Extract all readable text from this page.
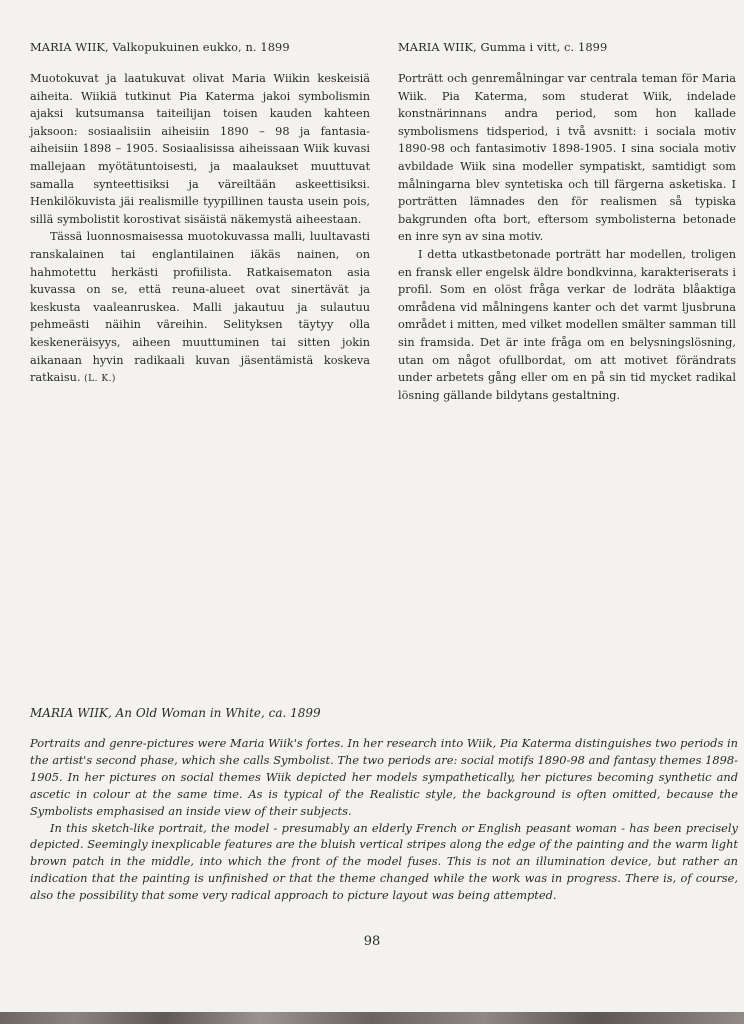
MARIA WIIK, Valkopukuinen eukko, n. 1899

Muotokuvat ja laatukuvat olivat Maria Wiikin keskeisiä aiheita. Wiikiä tutkinut Pia Katerma jakoi symbolismin ajaksi kutsumansa taiteilijan toisen kauden kahteen jaksoon: sosiaalisiin aiheisiin 1890 – 98 ja fantasia-aiheisiin 1898 – 1905. Sosiaalisissa aiheissaan Wiik kuvasi mallejaan myötätuntoisesti, ja maalaukset muuttuvat samalla synteettisiksi ja väreiltään askeettisiksi. Henkilökuvista jäi realismille tyypillinen tausta usein pois, sillä symbolistit korostivat sisäistä näkemystä aiheestaan.

Tässä luonnosmaisessa muotokuvassa malli, luultavasti ranskalainen tai englantilainen iäkäs nainen, on hahmotettu herkästi profiilista. Ratkaisematon asia kuvassa on se, että reuna-alueet ovat sinertävät ja keskusta vaaleanruskea. Malli jakautuu ja sulautuu pehmeästi näihin väreihin. Selityksen täytyy olla keskeneräisyys, aiheen muuttuminen tai sitten jokin aikanaan hyvin radikaali kuvan jäsentämistä koskeva ratkaisu. (L. K.)

MARIA WIIK, Gumma i vitt, c. 1899

Porträtt och genremålningar var centrala teman för Maria Wiik. Pia Katerma, som studerat Wiik, indelade konstnärinnans andra period, som hon kallade symbolismens tidsperiod, i två avsnitt: i sociala motiv 1890-98 och fantasimotiv 1898-1905. I sina sociala motiv avbildade Wiik sina modeller sympatiskt, samtidigt som målningarna blev syntetiska och till färgerna asketiska. I porträtten lämnades den för realismen så typiska bakgrunden ofta bort, eftersom symbolisterna betonade en inre syn av sina motiv.

I detta utkastbetonade porträtt har modellen, troligen en fransk eller engelsk äldre bondkvinna, karakteriserats i profil. Som en olöst fråga verkar de lodräta blåaktiga områdena vid målningens kanter och det varmt ljusbruna området i mitten, med vilket modellen smälter samman till sin framsida. Det är inte fråga om en belysningslösning, utan om något ofullbordat, om att motivet förändrats under arbetets gång eller om en på sin tid mycket radikal lösning gällande bildytans gestaltning.

MARIA WIIK, An Old Woman in White, ca. 1899

Portraits and genre-pictures were Maria Wiik's fortes. In her research into Wiik, Pia Katerma distinguishes two periods in the artist's second phase, which she calls Symbolist. The two periods are: social motifs 1890-98 and fantasy themes 1898-1905. In her pictures on social themes Wiik depicted her models sympathetically, her pictures becoming synthetic and ascetic in colour at the same time. As is typical of the Realistic style, the background is often omitted, because the Symbolists emphasised an inside view of their subjects.

In this sketch-like portrait, the model - presumably an elderly French or English peasant woman - has been precisely depicted. Seemingly inexplicable features are the bluish vertical stripes along the edge of the painting and the warm light brown patch in the middle, into which the front of the model fuses. This is not an illumination device, but rather an indication that the painting is unfinished or that the theme changed while the work was in progress. There is, of course, also the possibility that some very radical approach to picture layout was being attempted.

98
